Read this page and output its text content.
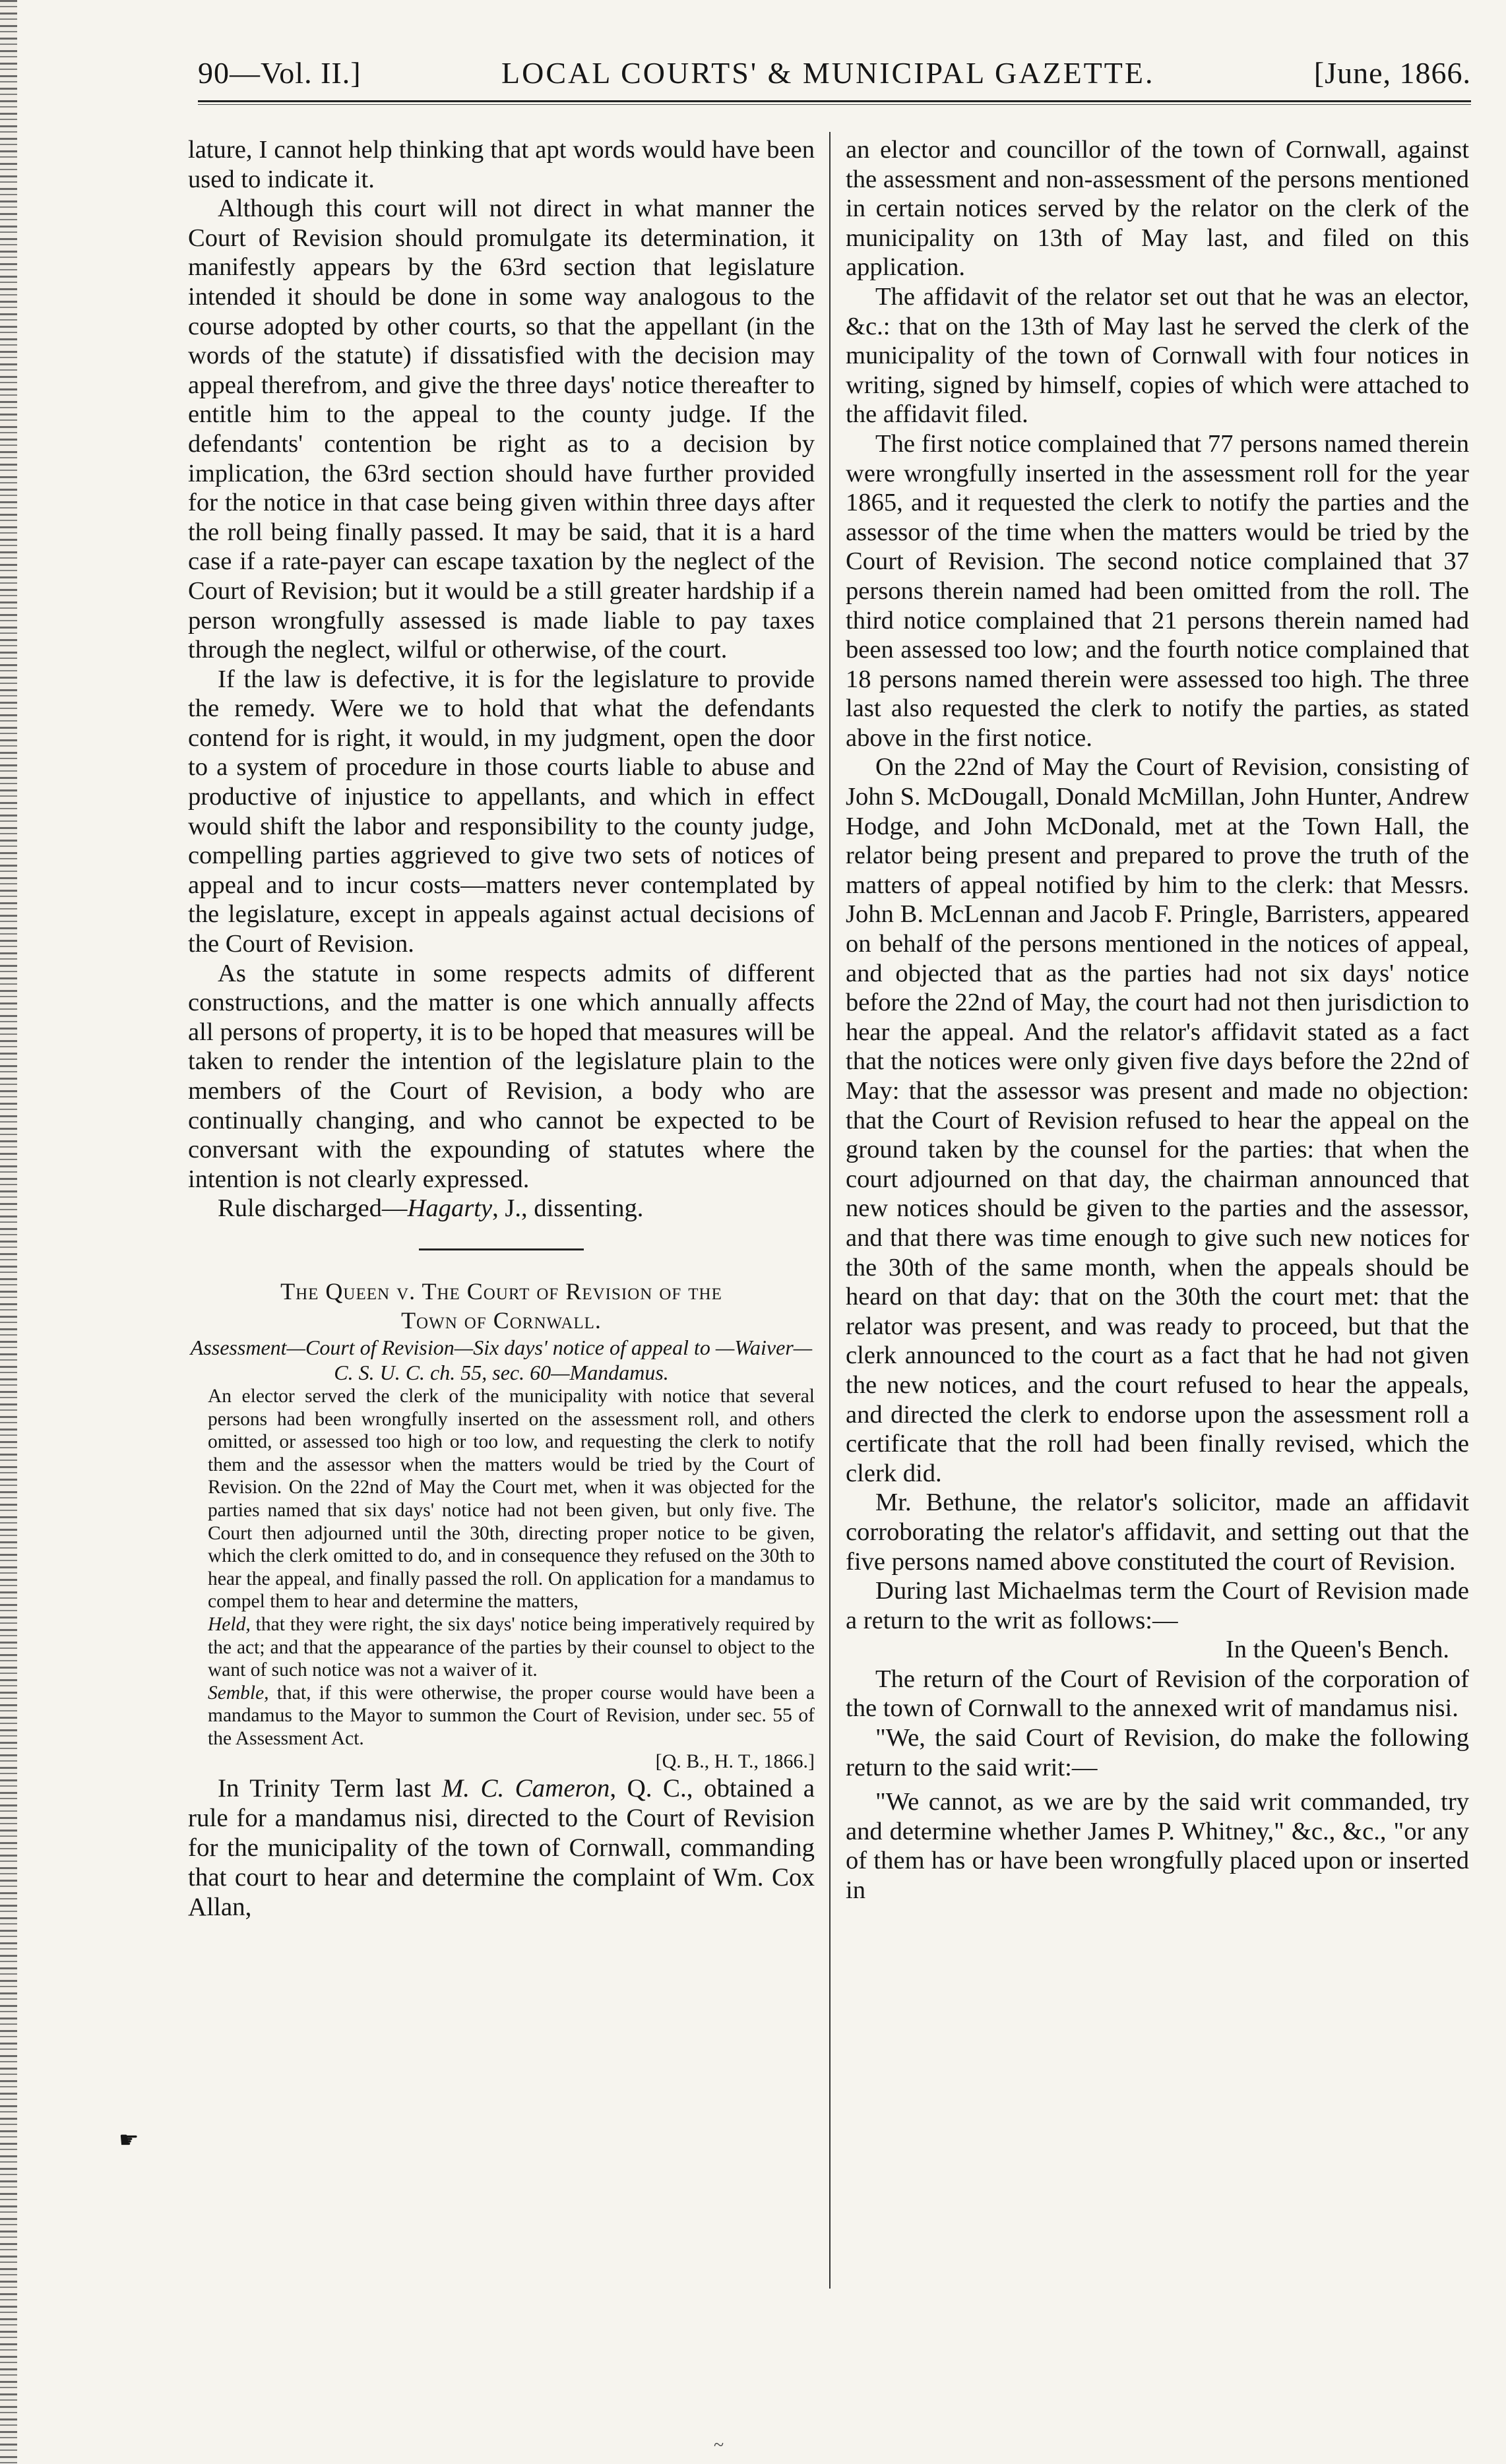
90—Vol. II.]	LOCAL COURTS' & MUNICIPAL GAZETTE.	[June, 1866.

lature, I cannot help thinking that apt words would have been used to indicate it.

Although this court will not direct in what manner the Court of Revision should promulgate its determination, it manifestly appears by the 63rd section that legislature intended it should be done in some way analogous to the course adopted by other courts, so that the appellant (in the words of the statute) if dissatisfied with the decision may appeal therefrom, and give the three days' notice thereafter to entitle him to the appeal to the county judge. If the defendants' contention be right as to a decision by implication, the 63rd section should have further provided for the notice in that case being given within three days after the roll being finally passed. It may be said, that it is a hard case if a rate-payer can escape taxation by the neglect of the Court of Revision; but it would be a still greater hardship if a person wrongfully assessed is made liable to pay taxes through the neglect, wilful or otherwise, of the court.

If the law is defective, it is for the legislature to provide the remedy. Were we to hold that what the defendants contend for is right, it would, in my judgment, open the door to a system of procedure in those courts liable to abuse and productive of injustice to appellants, and which in effect would shift the labor and responsibility to the county judge, compelling parties aggrieved to give two sets of notices of appeal and to incur costs—matters never contemplated by the legislature, except in appeals against actual decisions of the Court of Revision.

As the statute in some respects admits of different constructions, and the matter is one which annually affects all persons of property, it is to be hoped that measures will be taken to render the intention of the legislature plain to the members of the Court of Revision, a body who are continually changing, and who cannot be expected to be conversant with the expounding of statutes where the intention is not clearly expressed.

Rule discharged—Hagarty, J., dissenting.

The Queen v. The Court of Revision of the
Town of Cornwall.

Assessment—Court of Revision—Six days' notice of appeal to —Waiver—C. S. U. C. ch. 55, sec. 60—Mandamus.

An elector served the clerk of the municipality with notice that several persons had been wrongfully inserted on the assessment roll, and others omitted, or assessed too high or too low, and requesting the clerk to notify them and the assessor when the matters would be tried by the Court of Revision. On the 22nd of May the Court met, when it was objected for the parties named that six days' notice had not been given, but only five. The Court then adjourned until the 30th, directing proper notice to be given, which the clerk omitted to do, and in consequence they refused on the 30th to hear the appeal, and finally passed the roll. On application for a mandamus to compel them to hear and determine the matters,

Held, that they were right, the six days' notice being imperatively required by the act; and that the appearance of the parties by their counsel to object to the want of such notice was not a waiver of it.

Semble, that, if this were otherwise, the proper course would have been a mandamus to the Mayor to summon the Court of Revision, under sec. 55 of the Assessment Act.

[Q. B., H. T., 1866.]

In Trinity Term last M. C. Cameron, Q. C., obtained a rule for a mandamus nisi, directed to the Court of Revision for the municipality of the town of Cornwall, commanding that court to hear and determine the complaint of Wm. Cox Allan,

an elector and councillor of the town of Cornwall, against the assessment and non-assessment of the persons mentioned in certain notices served by the relator on the clerk of the municipality on 13th of May last, and filed on this application.

The affidavit of the relator set out that he was an elector, &c.: that on the 13th of May last he served the clerk of the municipality of the town of Cornwall with four notices in writing, signed by himself, copies of which were attached to the affidavit filed.

The first notice complained that 77 persons named therein were wrongfully inserted in the assessment roll for the year 1865, and it requested the clerk to notify the parties and the assessor of the time when the matters would be tried by the Court of Revision. The second notice complained that 37 persons therein named had been omitted from the roll. The third notice complained that 21 persons therein named had been assessed too low; and the fourth notice complained that 18 persons named therein were assessed too high. The three last also requested the clerk to notify the parties, as stated above in the first notice.

On the 22nd of May the Court of Revision, consisting of John S. McDougall, Donald McMillan, John Hunter, Andrew Hodge, and John McDonald, met at the Town Hall, the relator being present and prepared to prove the truth of the matters of appeal notified by him to the clerk: that Messrs. John B. McLennan and Jacob F. Pringle, Barristers, appeared on behalf of the persons mentioned in the notices of appeal, and objected that as the parties had not six days' notice before the 22nd of May, the court had not then jurisdiction to hear the appeal. And the relator's affidavit stated as a fact that the notices were only given five days before the 22nd of May: that the assessor was present and made no objection: that the Court of Revision refused to hear the appeal on the ground taken by the counsel for the parties: that when the court adjourned on that day, the chairman announced that new notices should be given to the parties and the assessor, and that there was time enough to give such new notices for the 30th of the same month, when the appeals should be heard on that day: that on the 30th the court met: that the relator was present, and was ready to proceed, but that the clerk announced to the court as a fact that he had not given the new notices, and the court refused to hear the appeals, and directed the clerk to endorse upon the assessment roll a certificate that the roll had been finally revised, which the clerk did.

Mr. Bethune, the relator's solicitor, made an affidavit corroborating the relator's affidavit, and setting out that the five persons named above constituted the court of Revision.

During last Michaelmas term the Court of Revision made a return to the writ as follows:—

In the Queen's Bench.

The return of the Court of Revision of the corporation of the town of Cornwall to the annexed writ of mandamus nisi.

"We, the said Court of Revision, do make the following return to the said writ:—

"We cannot, as we are by the said writ commanded, try and determine whether James P. Whitney," &c., &c., "or any of them has or have been wrongfully placed upon or inserted in

☛
~
